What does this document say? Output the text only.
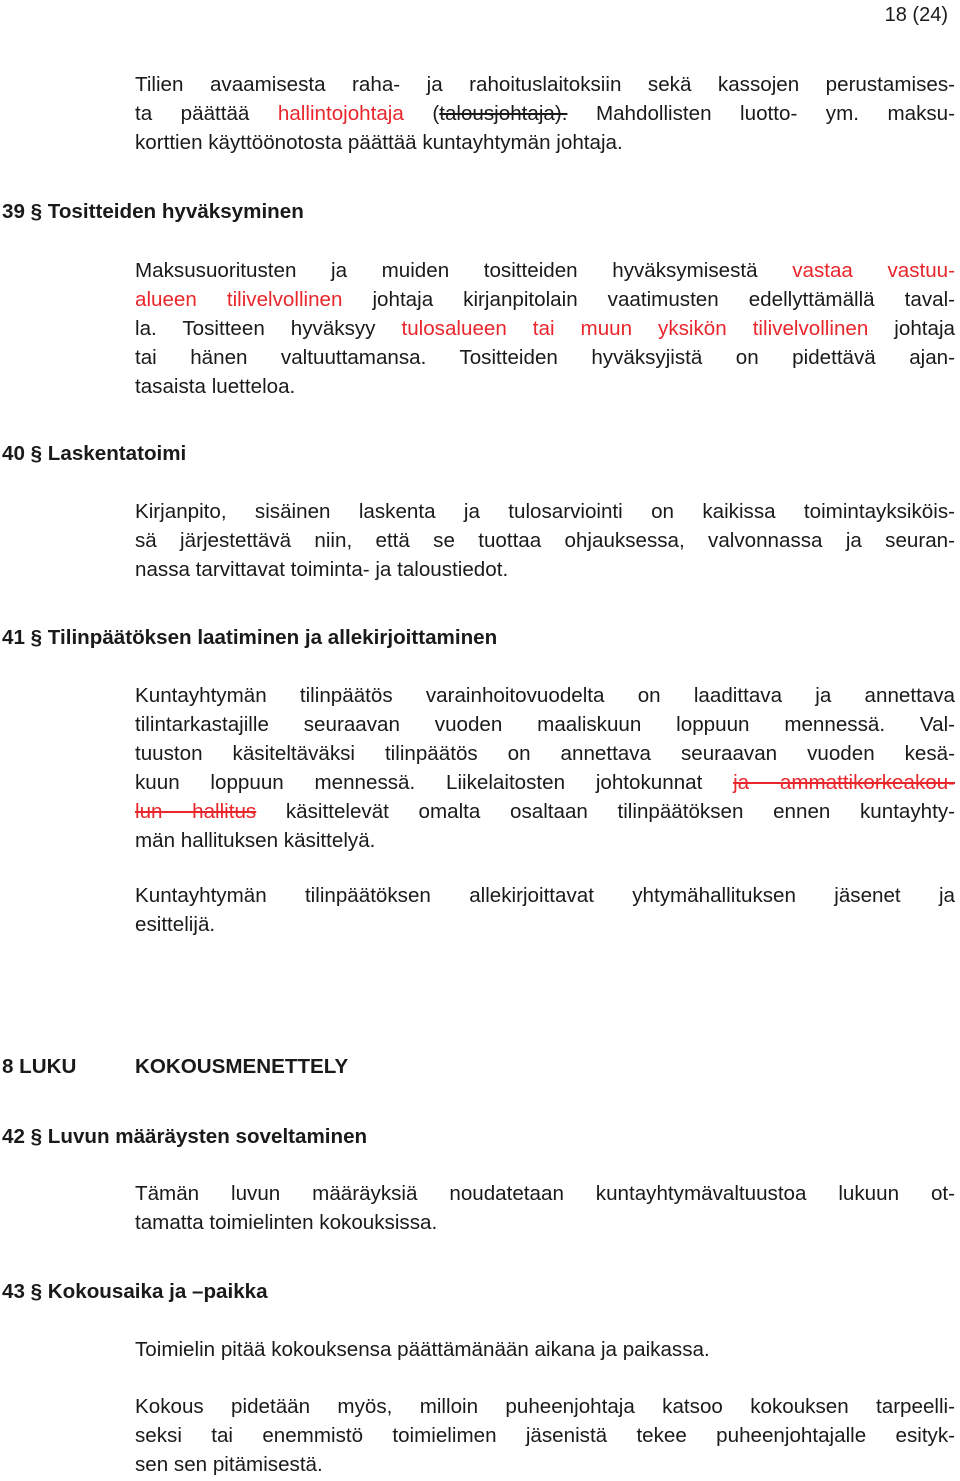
18 (24)
Tilien avaamisesta raha- ja rahoituslaitoksiin sekä kassojen perustamises-
ta päättää hallintojohtaja (talousjohtaja). Mahdollisten luotto- ym. maksu-
korttien käyttöönotosta päättää kuntayhtymän johtaja.
39 § Tositteiden hyväksyminen
Maksusuoritusten ja muiden tositteiden hyväksymisestä vastaa vastuu-
alueen tilivelvollinen johtaja kirjanpitolain vaatimusten edellyttämällä taval-
la. Tositteen hyväksyy tulosalueen tai muun yksikön tilivelvollinen johtaja
tai hänen valtuuttamansa. Tositteiden hyväksyjistä on pidettävä ajan-
tasaista luetteloa.
40 § Laskentatoimi
Kirjanpito, sisäinen laskenta ja tulosarviointi on kaikissa toimintayksiköis-
sä järjestettävä niin, että se tuottaa ohjauksessa, valvonnassa ja seuran-
nassa tarvittavat toiminta- ja taloustiedot.
41 § Tilinpäätöksen laatiminen ja allekirjoittaminen
Kuntayhtymän tilinpäätös varainhoitovuodelta on laadittava ja annettava
tilintarkastajille seuraavan vuoden maaliskuun loppuun mennessä. Val-
tuuston käsiteltäväksi tilinpäätös on annettava seuraavan vuoden kesä-
kuun loppuun mennessä. Liikelaitosten johtokunnat ja ammattikorkeakou-
lun hallitus käsittelevät omalta osaltaan tilinpäätöksen ennen kuntayhty-
män hallituksen käsittelyä.
Kuntayhtymän tilinpäätöksen allekirjoittavat yhtymähallituksen jäsenet ja
esittelijä.
8 LUKU	KOKOUSMENETTELY
42 § Luvun määräysten soveltaminen
Tämän luvun määräyksiä noudatetaan kuntayhtymävaltuustoa lukuun ot-
tamatta toimielinten kokouksissa.
43 § Kokousaika ja –paikka
Toimielin pitää kokouksensa päättämänään aikana ja paikassa.
Kokous pidetään myös, milloin puheenjohtaja katsoo kokouksen tarpeelli-
seksi tai enemmistö toimielimen jäsenistä tekee puheenjohtajalle esityk-
sen sen pitämisestä.
